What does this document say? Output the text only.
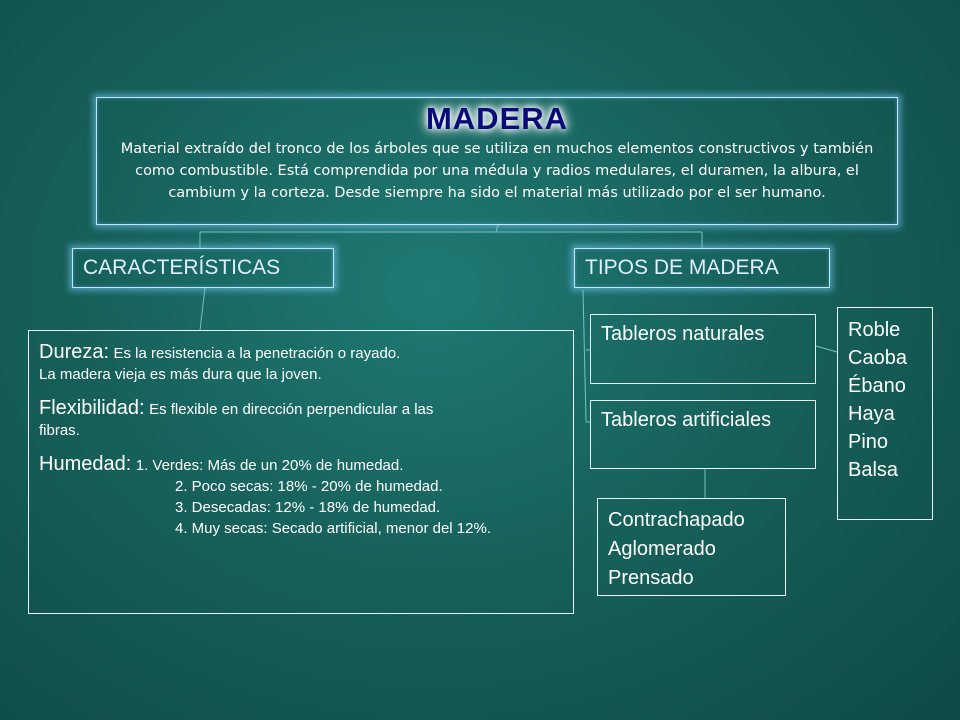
MADERA
Material extraído del tronco de los árboles que se utiliza en muchos elementos constructivos y también como combustible. Está comprendida por una médula y radios medulares, el duramen, la albura, el cambium y la corteza. Desde siempre ha sido el material más utilizado por el ser humano.
CARACTERÍSTICAS	TIPOS DE MADERA
Dureza: Es la resistencia a la penetración o rayado.
La madera vieja es más dura que la joven.
Flexibilidad: Es flexible en dirección perpendicular a las
fibras.
Humedad: 1. Verdes: Más de un 20% de humedad.
2. Poco secas: 18% - 20% de humedad.
3. Desecadas: 12% - 18% de humedad.
4. Muy secas: Secado artificial, menor del 12%.
Tableros naturales
Tableros artificiales
Roble
Caoba
Ébano
Haya
Pino
Balsa
Contrachapado
Aglomerado
Prensado
